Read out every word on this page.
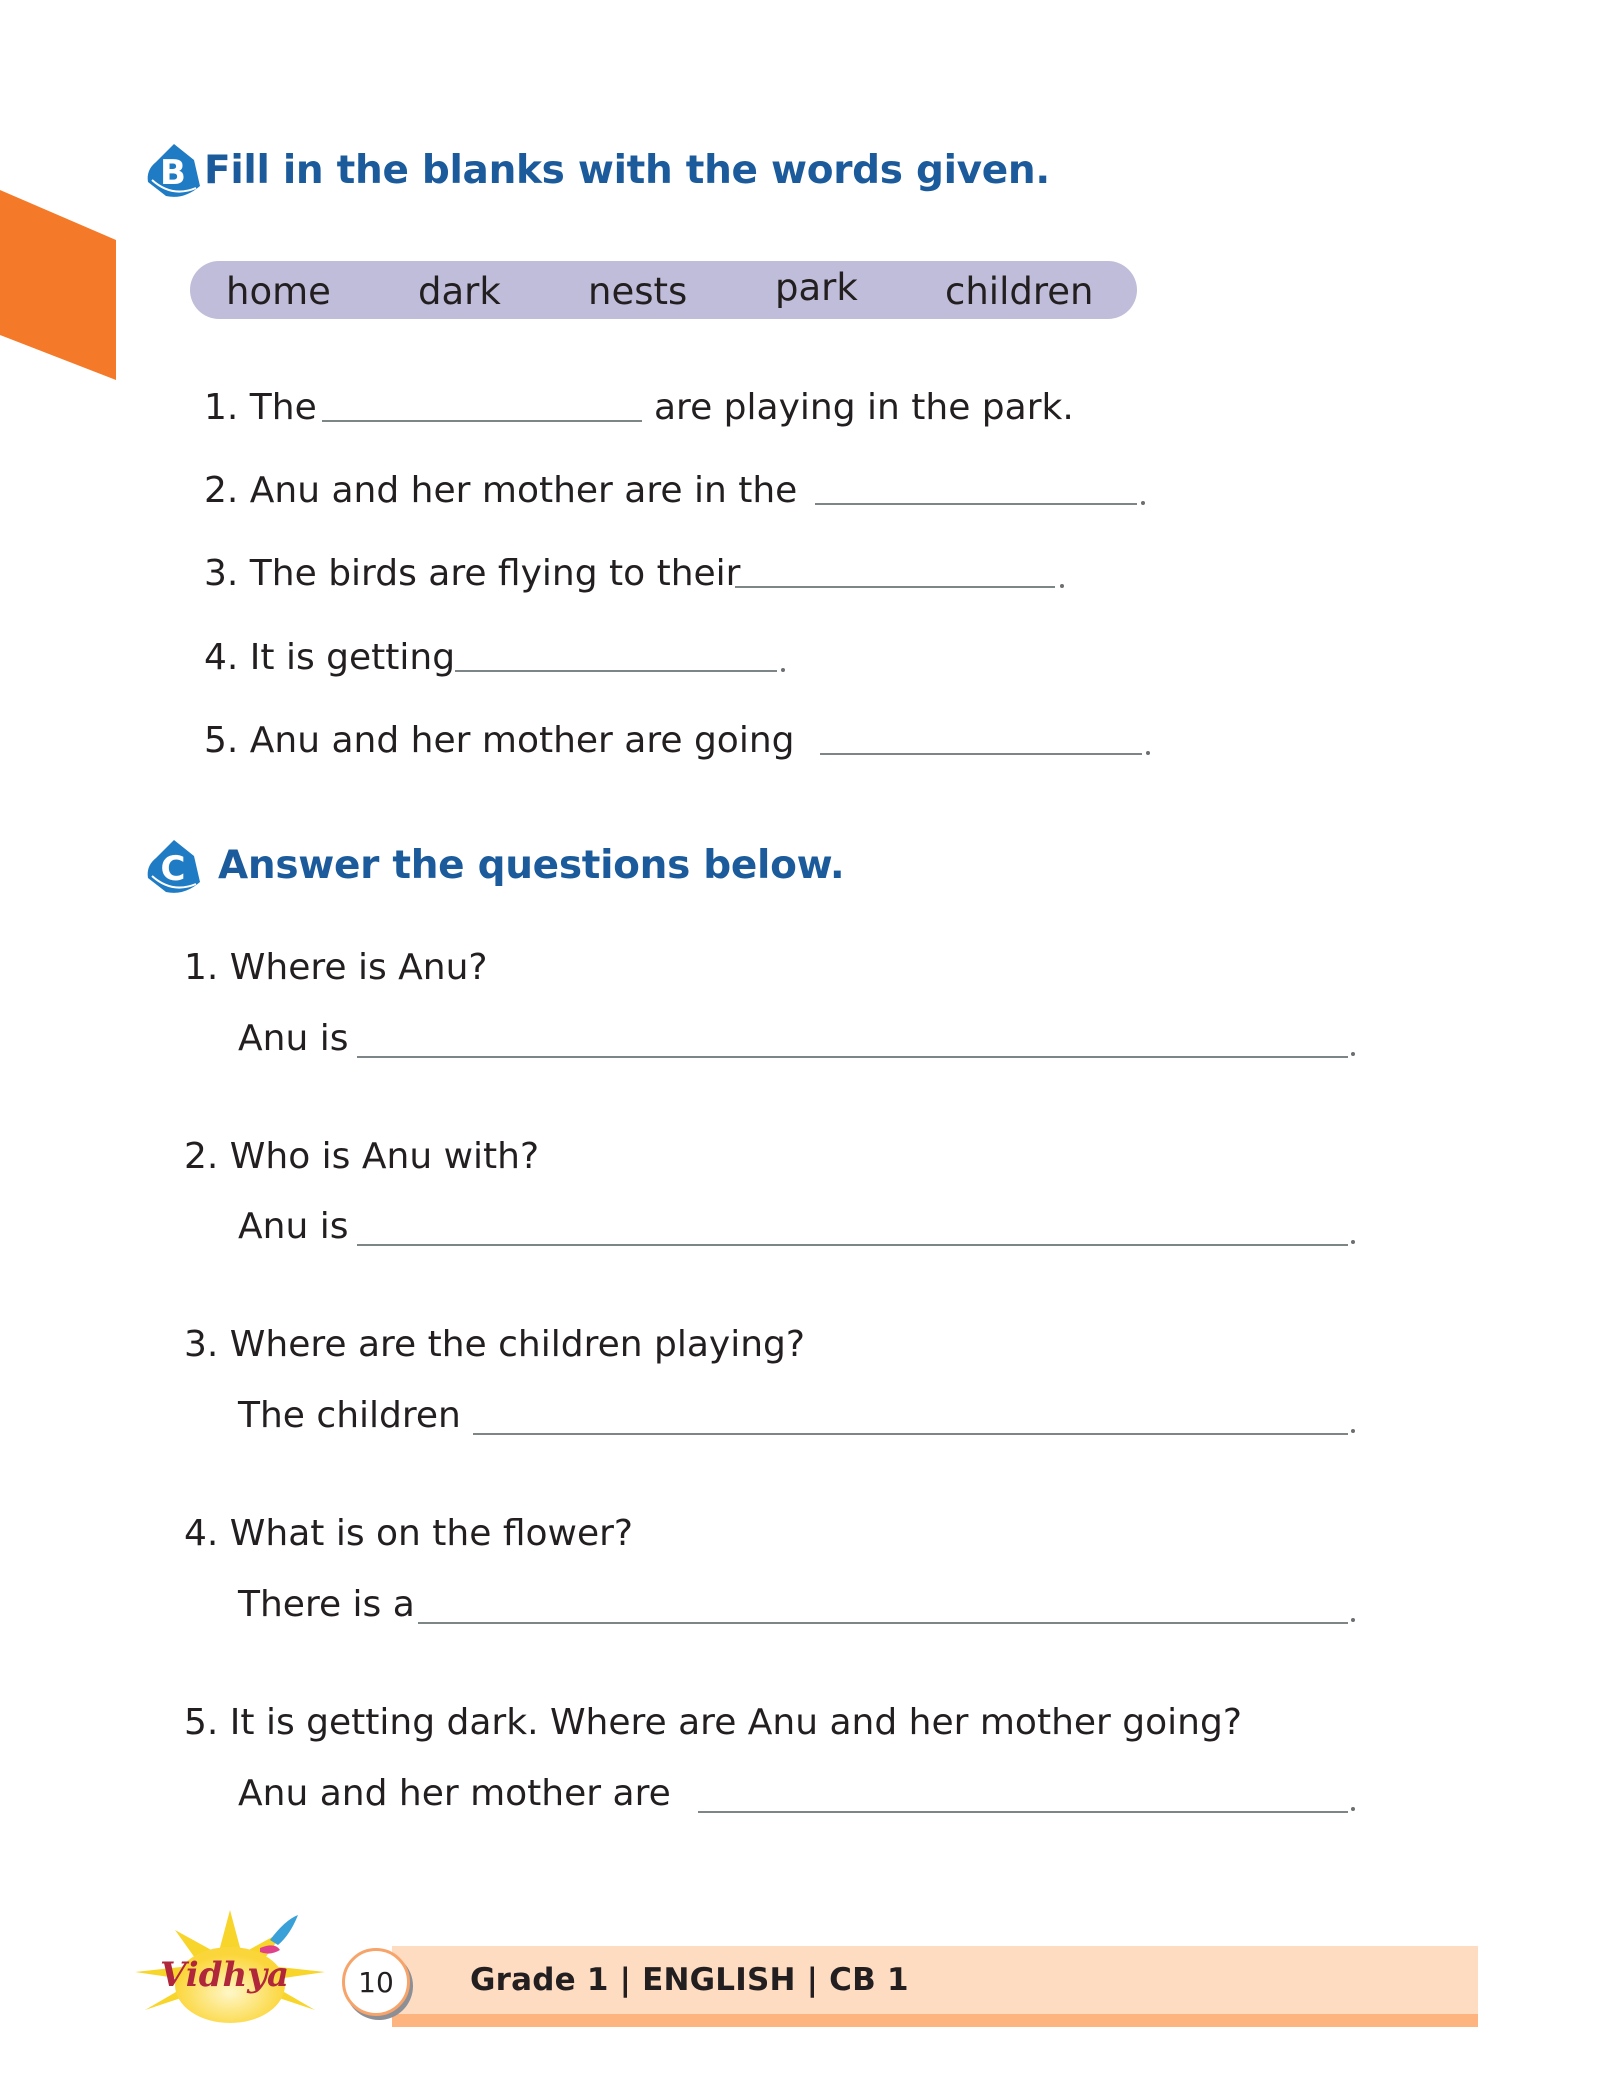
B Fill in the blanks with the words given.
home dark nests park children
1. The	are playing in the park.
2. Anu and her mother are in the
3. The birds are flying to their
4. It is getting
5. Anu and her mother are going
C Answer the questions below.
1. Where is Anu?
Anu is
2. Who is Anu with?
Anu is
3. Where are the children playing?
The children
4. What is on the flower?
There is a
5. It is getting dark. Where are Anu and her mother going?
Anu and her mother are
Vidhya	10	Grade 1 | ENGLISH | CB 1
